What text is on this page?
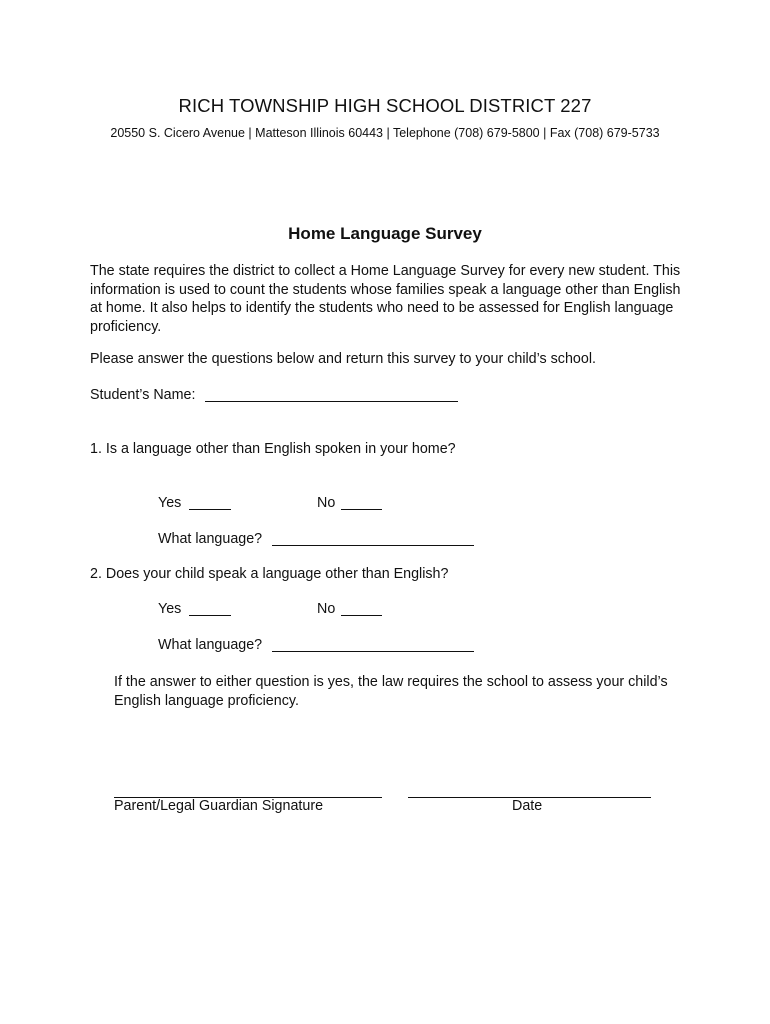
RICH TOWNSHIP HIGH SCHOOL DISTRICT 227
20550 S. Cicero Avenue | Matteson Illinois 60443 | Telephone (708) 679-5800 | Fax (708) 679-5733
Home Language Survey
The state requires the district to collect a Home Language Survey for every new student. This information is used to count the students whose families speak a language other than English at home. It also helps to identify the students who need to be assessed for English language proficiency.
Please answer the questions below and return this survey to your child’s school.
Student’s Name:
1. Is a language other than English spoken in your home?
Yes	No
What language?
2. Does your child speak a language other than English?
Yes	No
What language?
If the answer to either question is yes, the law requires the school to assess your child’s English language proficiency.
Parent/Legal Guardian Signature	Date
